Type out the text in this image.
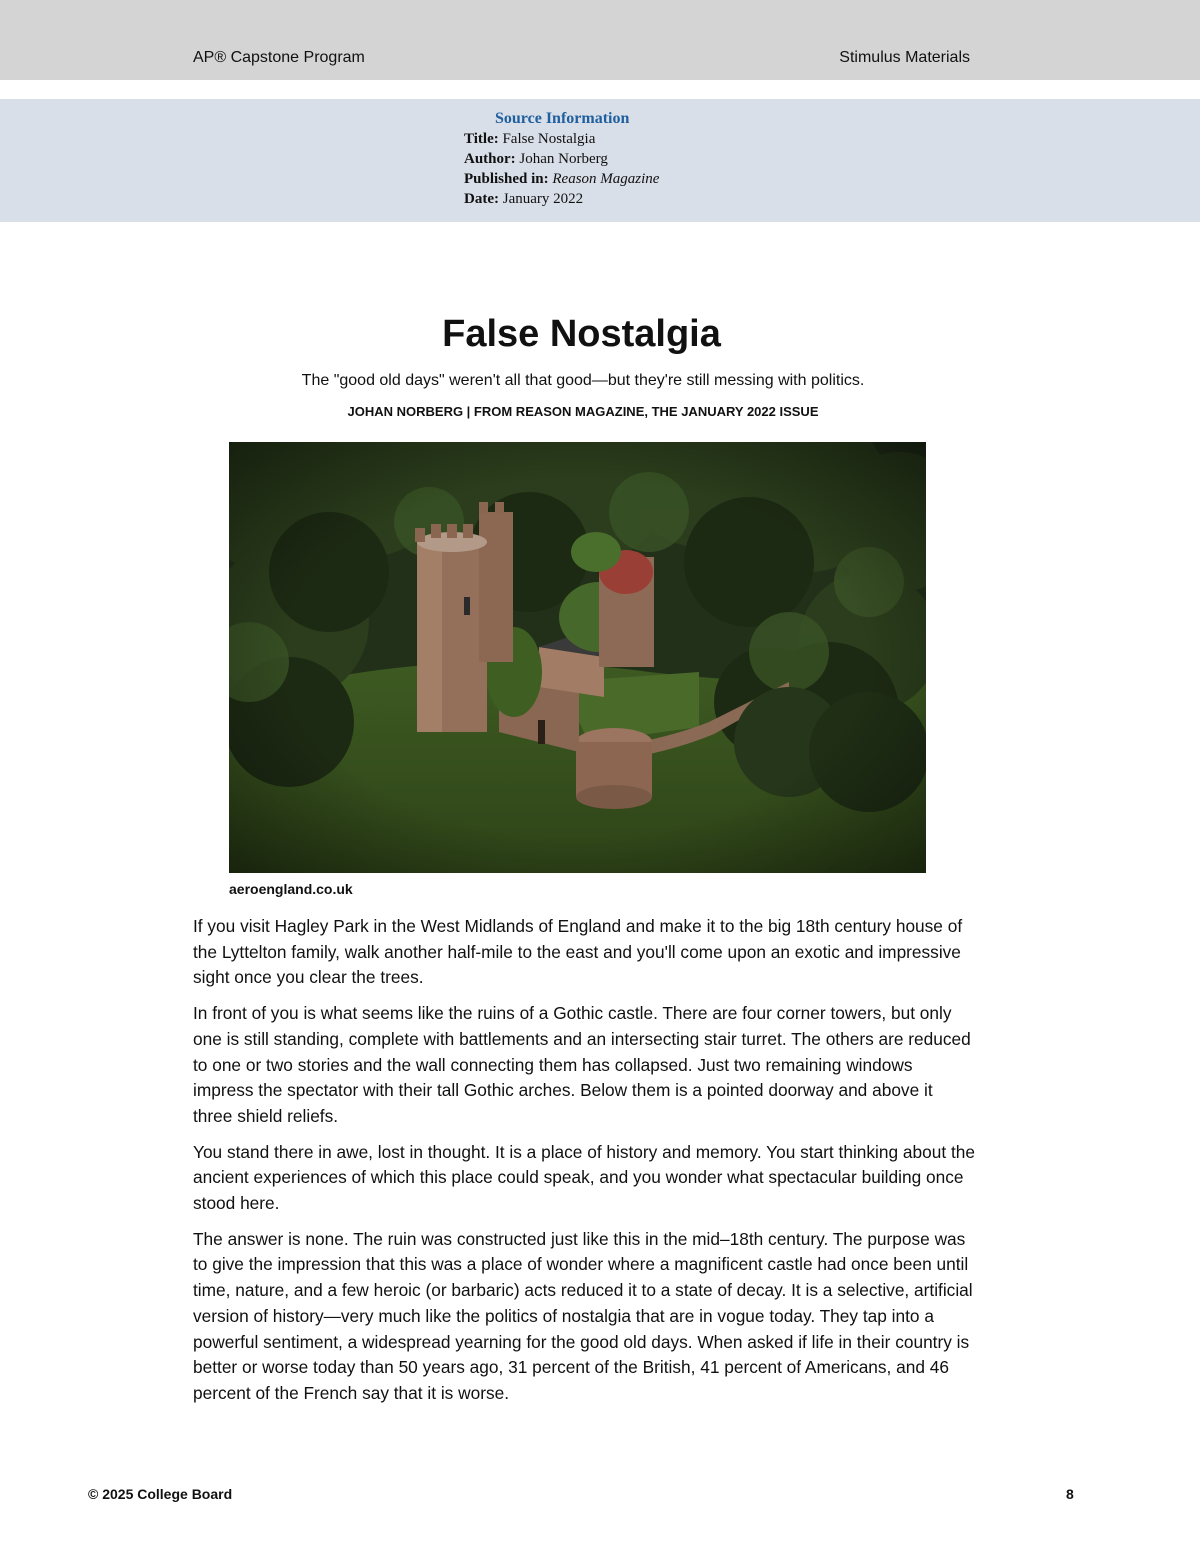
AP® Capstone Program	Stimulus Materials
Source Information
Title: False Nostalgia
Author: Johan Norberg
Published in: Reason Magazine
Date: January 2022
False Nostalgia
The "good old days" weren't all that good—but they're still messing with politics.
JOHAN NORBERG | FROM REASON MAGAZINE, THE JANUARY 2022 ISSUE
aeroengland.co.uk

If you visit Hagley Park in the West Midlands of England and make it to the big 18th century house of the Lyttelton family, walk another half-mile to the east and you'll come upon an exotic and impressive sight once you clear the trees.

In front of you is what seems like the ruins of a Gothic castle. There are four corner towers, but only one is still standing, complete with battlements and an intersecting stair turret. The others are reduced to one or two stories and the wall connecting them has collapsed. Just two remaining windows impress the spectator with their tall Gothic arches. Below them is a pointed doorway and above it three shield reliefs.

You stand there in awe, lost in thought. It is a place of history and memory. You start thinking about the ancient experiences of which this place could speak, and you wonder what spectacular building once stood here.

The answer is none. The ruin was constructed just like this in the mid–18th century. The purpose was to give the impression that this was a place of wonder where a magnificent castle had once been until time, nature, and a few heroic (or barbaric) acts reduced it to a state of decay. It is a selective, artificial version of history—very much like the politics of nostalgia that are in vogue today. They tap into a powerful sentiment, a widespread yearning for the good old days. When asked if life in their country is better or worse today than 50 years ago, 31 percent of the British, 41 percent of Americans, and 46 percent of the French say that it is worse.

© 2025 College Board	8
